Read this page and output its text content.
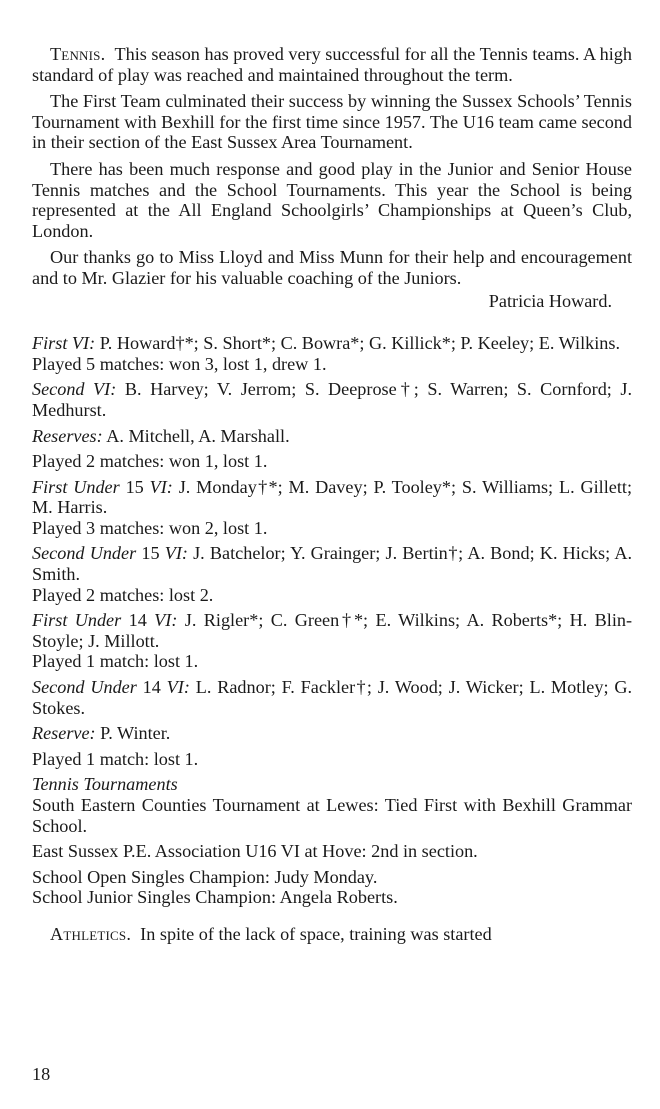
Tennis. This season has proved very successful for all the Tennis teams. A high standard of play was reached and maintained throughout the term.

The First Team culminated their success by winning the Sussex Schools’ Tennis Tournament with Bexhill for the first time since 1957. The U16 team came second in their section of the East Sussex Area Tournament.

There has been much response and good play in the Junior and Senior House Tennis matches and the School Tournaments. This year the School is being represented at the All England Schoolgirls’ Championships at Queen’s Club, London.

Our thanks go to Miss Lloyd and Miss Munn for their help and encouragement and to Mr. Glazier for his valuable coaching of the Juniors.

Patricia Howard.

First VI: P. Howard†*; S. Short*; C. Bowra*; G. Killick*; P. Keeley; E. Wilkins.

Played 5 matches: won 3, lost 1, drew 1.

Second VI: B. Harvey; V. Jerrom; S. Deeprose†; S. Warren; S. Cornford; J. Medhurst.

Reserves: A. Mitchell, A. Marshall.

Played 2 matches: won 1, lost 1.

First Under 15 VI: J. Monday†*; M. Davey; P. Tooley*; S. Williams; L. Gillett; M. Harris.

Played 3 matches: won 2, lost 1.

Second Under 15 VI: J. Batchelor; Y. Grainger; J. Bertin†; A. Bond; K. Hicks; A. Smith.

Played 2 matches: lost 2.

First Under 14 VI: J. Rigler*; C. Green†*; E. Wilkins; A. Roberts*; H. Blin-Stoyle; J. Millott.

Played 1 match: lost 1.

Second Under 14 VI: L. Radnor; F. Fackler†; J. Wood; J. Wicker; L. Motley; G. Stokes.

Reserve: P. Winter.

Played 1 match: lost 1.

Tennis Tournaments

South Eastern Counties Tournament at Lewes: Tied First with Bexhill Grammar School.

East Sussex P.E. Association U16 VI at Hove: 2nd in section.

School Open Singles Champion: Judy Monday.

School Junior Singles Champion: Angela Roberts.

Athletics. In spite of the lack of space, training was started

18
